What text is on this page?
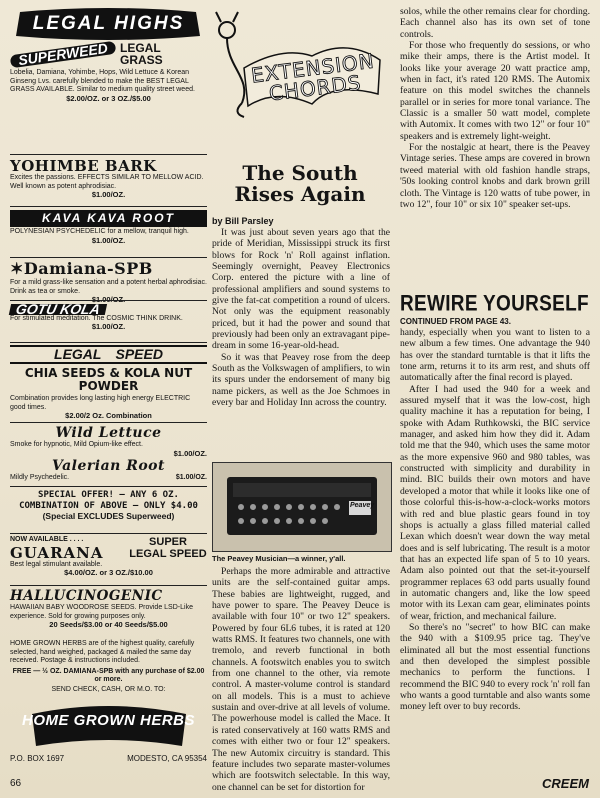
LEGAL HIGHS
SUPERWEED LEGAL GRASS
Lobelia, Damiana, Yohimbe, Hops, Wild Lettuce & Korean Ginseng Lvs. carefully blended to make the BEST LEGAL GRASS AVAILABLE. Similar to medium quality street weed.
$2.00/OZ. or 3 OZ./$5.00
YOHIMBE BARK
Excites the passions. EFFECTS SIMILAR TO MELLOW ACID. Well known as potent aphrodisiac.
$1.00/OZ.
KAVA KAVA ROOT
POLYNESIAN PSYCHEDELIC for a mellow, tranquil high.
$1.00/OZ.
✶Damiana-SPB
For a mild grass-like sensation and a potent herbal aphrodisiac. Drink as tea or smoke.
$1.00/OZ.
GOTU KOLA
For stimulated meditation. The COSMIC THINK DRINK.
$1.00/OZ.
LEGAL SPEED
CHIA SEEDS & KOLA NUT POWDER
Combination provides long lasting high energy ELECTRIC good times.
$2.00/2 Oz. Combination
Wild Lettuce
Smoke for hypnotic, Mild Opium-like effect.
$1.00/OZ.
Valerian Root
Mildly Psychedelic.	$1.00/OZ.
SPECIAL OFFER! — ANY 6 OZ. COMBINATION OF ABOVE — ONLY $4.00
(Special EXCLUDES Superweed)
NOW AVAILABLE . . . .
GUARANA
SUPER LEGAL SPEED
Best legal stimulant available.
$4.00/OZ. or 3 OZ./$10.00
HALLUCINOGENIC
HAWAIIAN BABY WOODROSE SEEDS. Provide LSD-Like experience. Sold for growing purposes only.
20 Seeds/$3.00 or 40 Seeds/$5.00
HOME GROWN HERBS are of the highest quality, carefully selected, hand weighed, packaged & mailed the same day received. Postage & instructions included.
FREE — ½ OZ. DAMIANA-SPB with any purchase of $2.00 or more.
SEND CHECK, CASH, OR M.O. TO:
HOME GROWN HERBS
P.O. BOX 1697	MODESTO, CA 95354
EXTENSION CHORDS
The South Rises Again
by Bill Parsley

It was just about seven years ago that the pride of Meridian, Mississippi struck its first blows for Rock 'n' Roll against inflation. Seemingly overnight, Peavey Electronics Corp. entered the picture with a line of professional amplifiers and sound systems to give the fat-cat competition a round of ulcers. Not only was the equipment reasonably priced, but it had the power and sound that previously had been only an extravagant pipe-dream in some 16-year-old-head.

So it was that Peavey rose from the deep South as the Volkswagen of amplifiers, to win its spurs under the endorsement of many big name pickers, as well as the Joe Schmoes in every bar and Holiday Inn across the country.

Peavey
The Peavey Musician—a winner, y'all.

Perhaps the more admirable and attractive units are the self-contained guitar amps. These babies are lightweight, rugged, and have power to spare. The Peavey Deuce is available with four 10" or two 12" speakers. Powered by four 6L6 tubes, it is rated at 120 watts RMS. It features two channels, one with tremolo, and reverb functional in both channels. A footswitch enables you to switch from one channel to the other, via remote control. A master-volume control is standard on all models. This is a must to achieve sustain and over-drive at all levels of volume. The powerhouse model is called the Mace. It is rated conservatively at 160 watts RMS and comes with either two or four 12" speakers. The new Automix circuitry is standard. This feature includes two separate master-volumes which are footswitch selectable. In this way, one channel can be set for distortion for

solos, while the other remains clear for chording. Each channel also has its own set of tone controls.

For those who frequently do sessions, or who mike their amps, there is the Artist model. It looks like your average 20 watt practice amp, when in fact, it's rated 120 RMS. The Automix feature on this model switches the channels parallel or in series for more tonal variance. The Classic is a smaller 50 watt model, complete with Automix. It comes with two 12" or four 10" speakers and is extremely light-weight.

For the nostalgic at heart, there is the Peavey Vintage series. These amps are covered in brown tweed material with old fashion handle straps, '50s looking control knobs and dark brown grill cloth. The Vintage is 120 watts of tube power, in two 12", four 10" or six 10" speaker set-ups.

REWIRE YOURSELF
CONTINUED FROM PAGE 43.

handy, especially when you want to listen to a new album a few times. One advantage the 940 has over the standard turntable is that it lifts the tone arm, returns it to its arm rest, and shuts off automatically after the final record is played.

After I had used the 940 for a week and assured myself that it was the low-cost, high quality machine it has a reputation for being, I spoke with Adam Ruthkowski, the BIC service manager, and asked him how they did it. Adam told me that the 940, which uses the same motor as the more expensive 960 and 980 tables, was constructed with simplicity and durability in mind. BIC builds their own motors and have developed a motor that while it looks like one of those colorful this-is-how-a-clock-works motors with red and blue plastic gears found in toy shops is actually a glass filled material called Lexan which doesn't wear down the way metal does and is self lubricating. The result is a motor that has an expected life span of 5 to 10 years. Adam also pointed out that the set-it-yourself programmer replaces 63 odd parts usually found in automatic changers and, like the low speed motor with its Lexan cam gear, eliminates points of wear, friction, and mechanical failure.

So there's no "secret" to how BIC can make the 940 with a $109.95 price tag. They've eliminated all but the most essential functions and then developed the simplest possible mechanics to perform the functions. I recommend the BIC 940 to every rock 'n' roll fan who wants a good turntable and also wants some money left over to buy records.

66	CREEM
